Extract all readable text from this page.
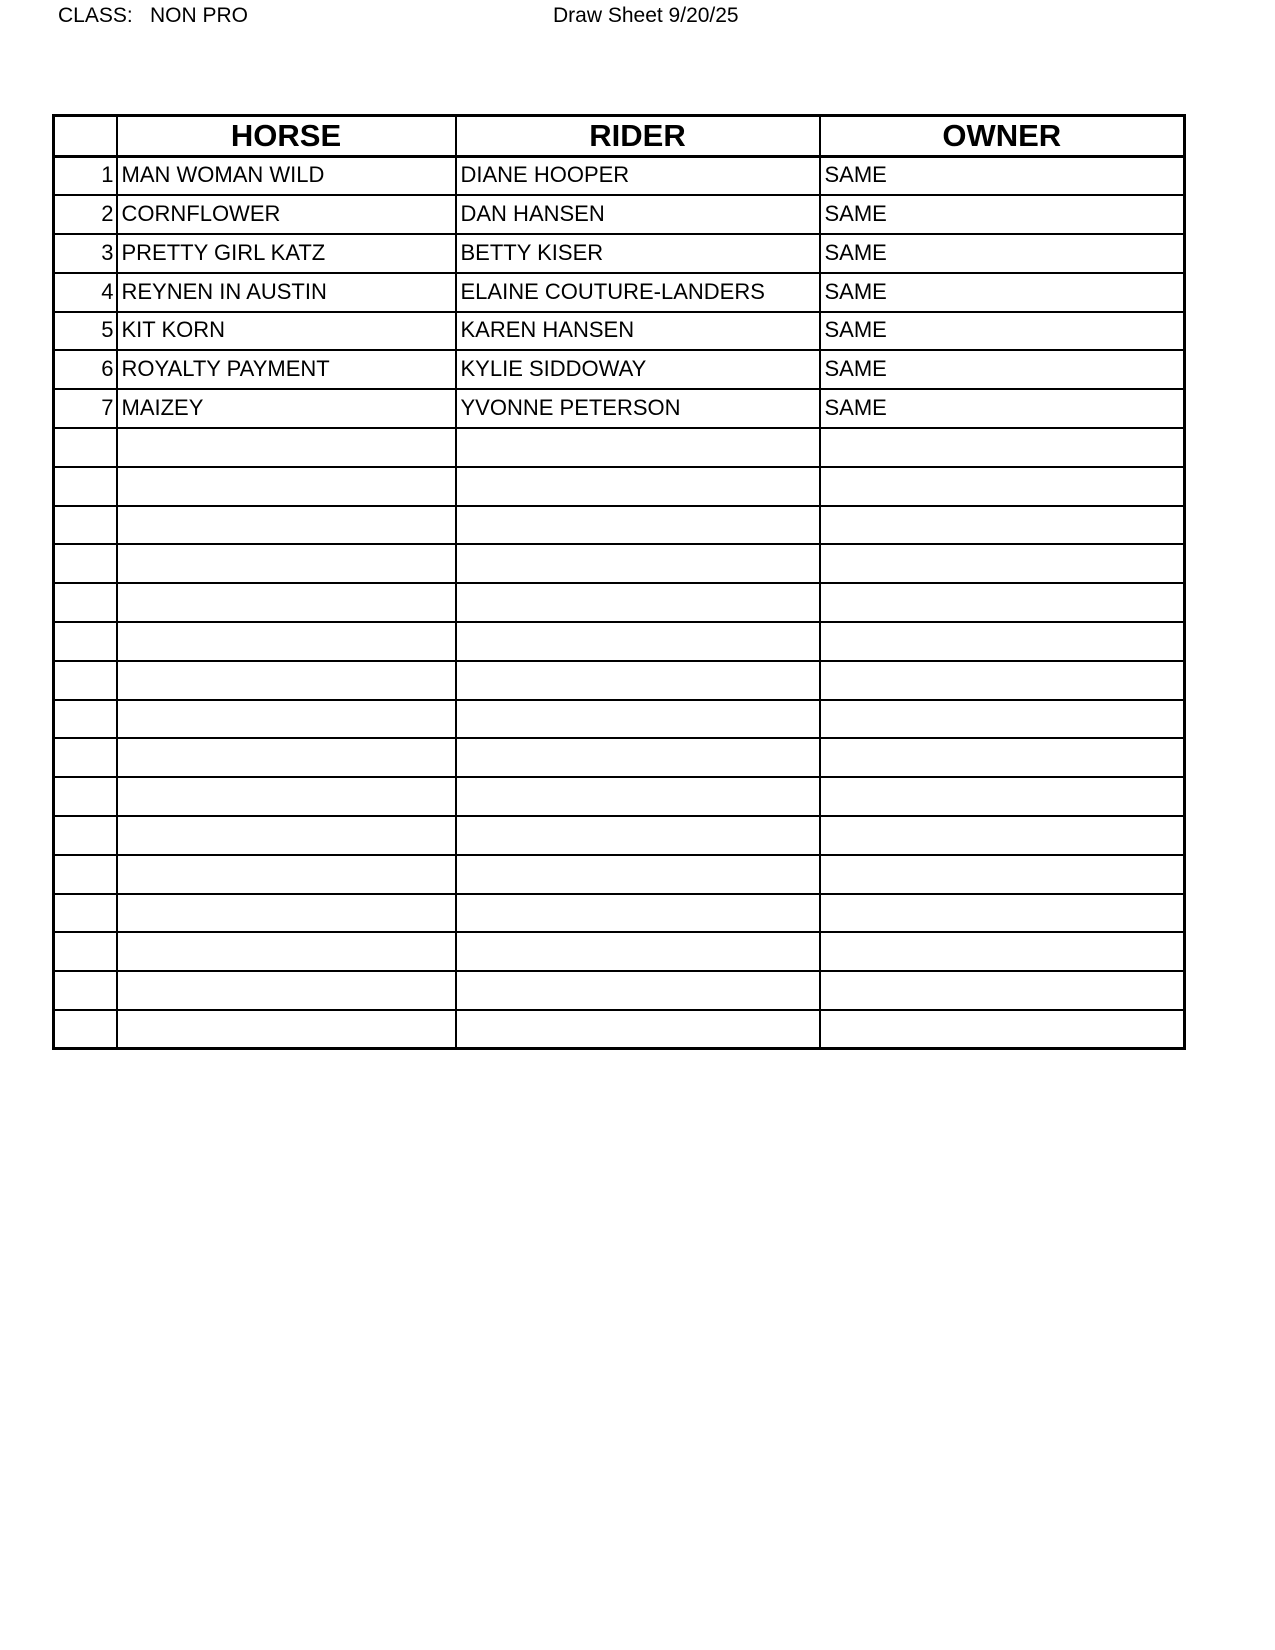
CLASS: NON PRO	Draw Sheet 9/20/25
	HORSE	RIDER	OWNER
1	MAN WOMAN WILD	DIANE HOOPER	SAME
2	CORNFLOWER	DAN HANSEN	SAME
3	PRETTY GIRL KATZ	BETTY KISER	SAME
4	REYNEN IN AUSTIN	ELAINE COUTURE-LANDERS	SAME
5	KIT KORN	KAREN HANSEN	SAME
6	ROYALTY PAYMENT	KYLIE SIDDOWAY	SAME
7	MAIZEY	YVONNE PETERSON	SAME
